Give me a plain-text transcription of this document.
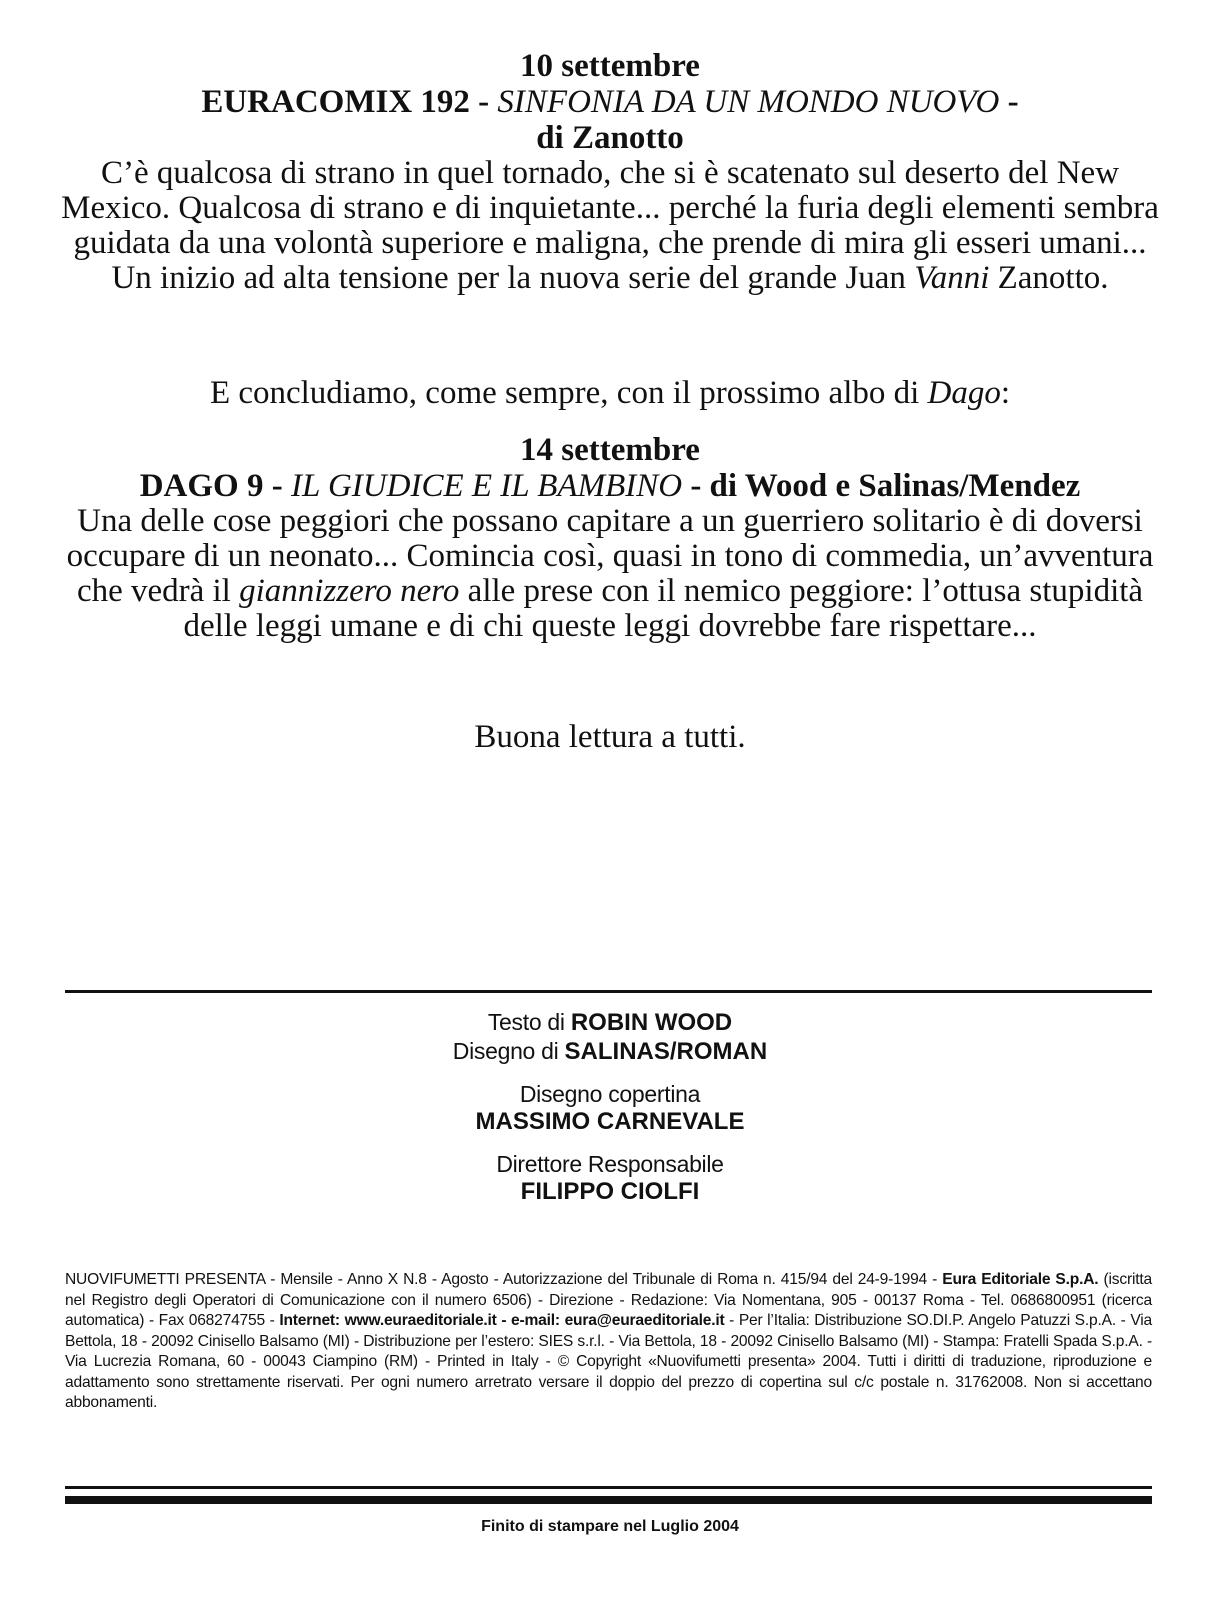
10 settembre

EURACOMIX 192 - SINFONIA DA UN MONDO NUOVO -

di Zanotto

C’è qualcosa di strano in quel tornado, che si è scatenato sul deserto del New Mexico. Qualcosa di strano e di inquietante... perché la furia degli elementi sembra guidata da una volontà superiore e maligna, che prende di mira gli esseri umani... Un inizio ad alta tensione per la nuova serie del grande Juan Vanni Zanotto.

E concludiamo, come sempre, con il prossimo albo di Dago:

14 settembre

DAGO 9 - IL GIUDICE E IL BAMBINO - di Wood e Salinas/Mendez

Una delle cose peggiori che possano capitare a un guerriero solitario è di doversi occupare di un neonato... Comincia così, quasi in tono di commedia, un’avventura che vedrà il giannizzero nero alle prese con il nemico peggiore: l’ottusa stupidità delle leggi umane e di chi queste leggi dovrebbe fare rispettare...

Buona lettura a tutti.

Testo di ROBIN WOOD
Disegno di SALINAS/ROMAN
Disegno copertina
MASSIMO CARNEVALE
Direttore Responsabile
FILIPPO CIOLFI
NUOVIFUMETTI PRESENTA - Mensile - Anno X N.8 - Agosto - Autorizzazione del Tribunale di Roma n. 415/94 del 24-9-1994 - Eura Editoriale S.p.A. (iscritta nel Registro degli Operatori di Comunicazione con il numero 6506) - Direzione - Redazione: Via Nomentana, 905 - 00137 Roma - Tel. 0686800951 (ricerca automatica) - Fax 068274755 - Internet: www.euraeditoriale.it - e-mail: eura@euraeditoriale.it - Per l’Italia: Distribuzione SO.DI.P. Angelo Patuzzi S.p.A. - Via Bettola, 18 - 20092 Cinisello Balsamo (MI) - Distribuzione per l’estero: SIES s.r.l. - Via Bettola, 18 - 20092 Cinisello Balsamo (MI) - Stampa: Fratelli Spada S.p.A. - Via Lucrezia Romana, 60 - 00043 Ciampino (RM) - Printed in Italy - © Copyright «Nuovifumetti presenta» 2004. Tutti i diritti di traduzione, riproduzione e adattamento sono strettamente riservati. Per ogni numero arretrato versare il doppio del prezzo di copertina sul c/c postale n. 31762008. Non si accettano abbonamenti.
Finito di stampare nel Luglio 2004
